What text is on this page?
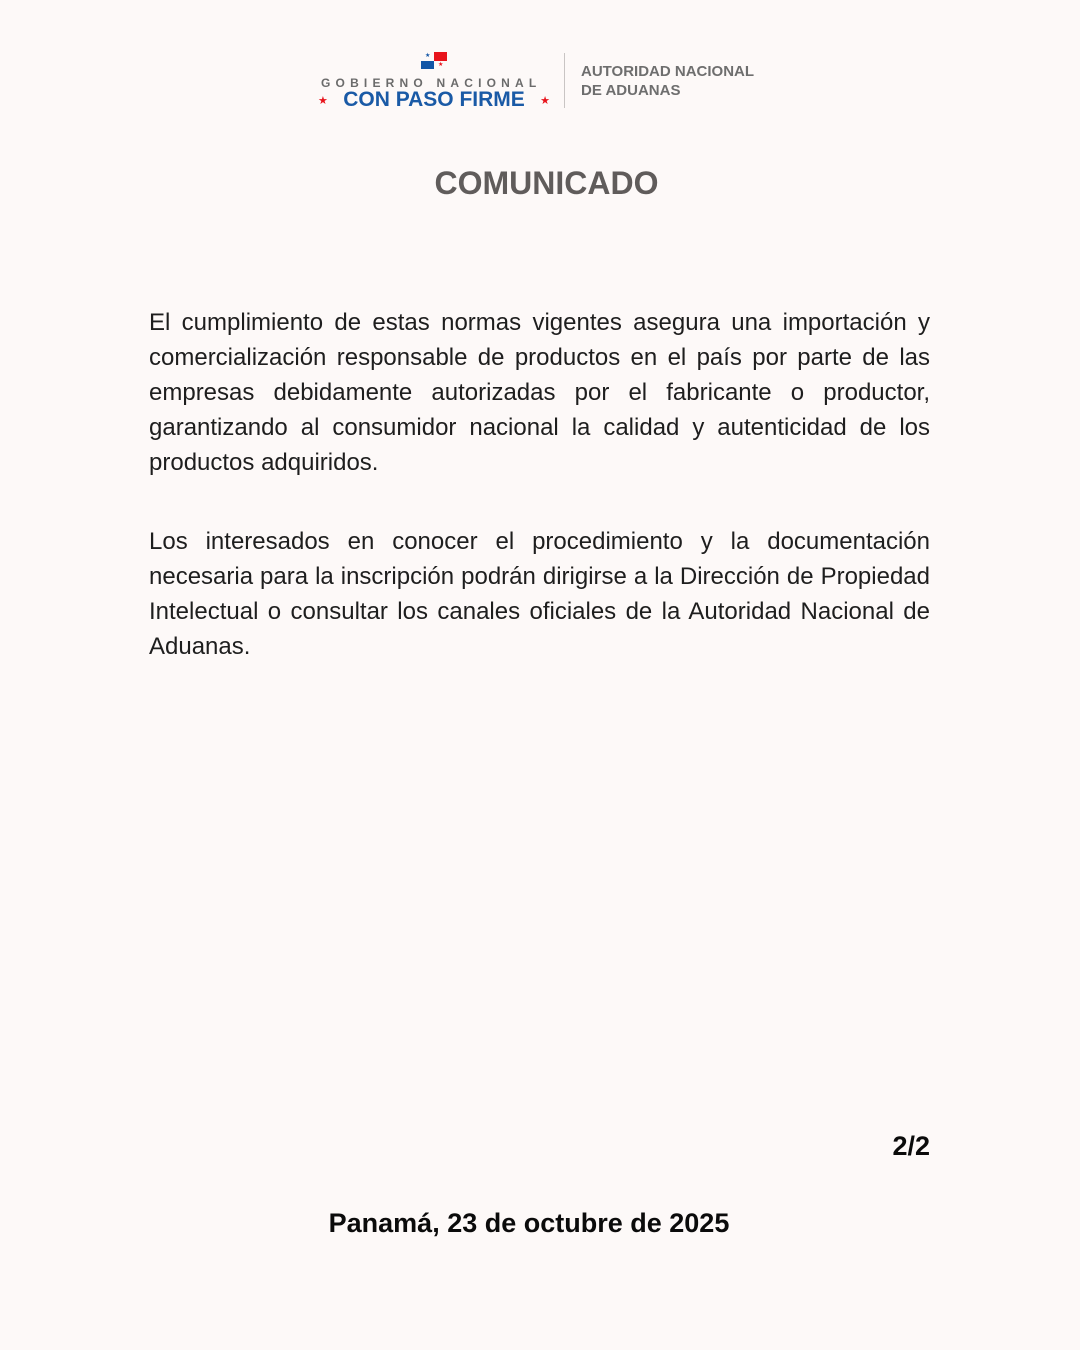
★
★
GOBIERNO NACIONAL
★ CON PASO FIRME ★
AUTORIDAD NACIONAL
DE ADUANAS
COMUNICADO

El cumplimiento de estas normas vigentes asegura una importación y comercialización responsable de productos en el país por parte de las empresas debidamente autorizadas por el fabricante o productor, garantizando al consumidor nacional la calidad y autenticidad de los productos adquiridos.

Los interesados en conocer el procedimiento y la documentación necesaria para la inscripción podrán dirigirse a la Dirección de Propiedad Intelectual o consultar los canales oficiales de la Autoridad Nacional de Aduanas.

2/2
Panamá, 23 de octubre de 2025
